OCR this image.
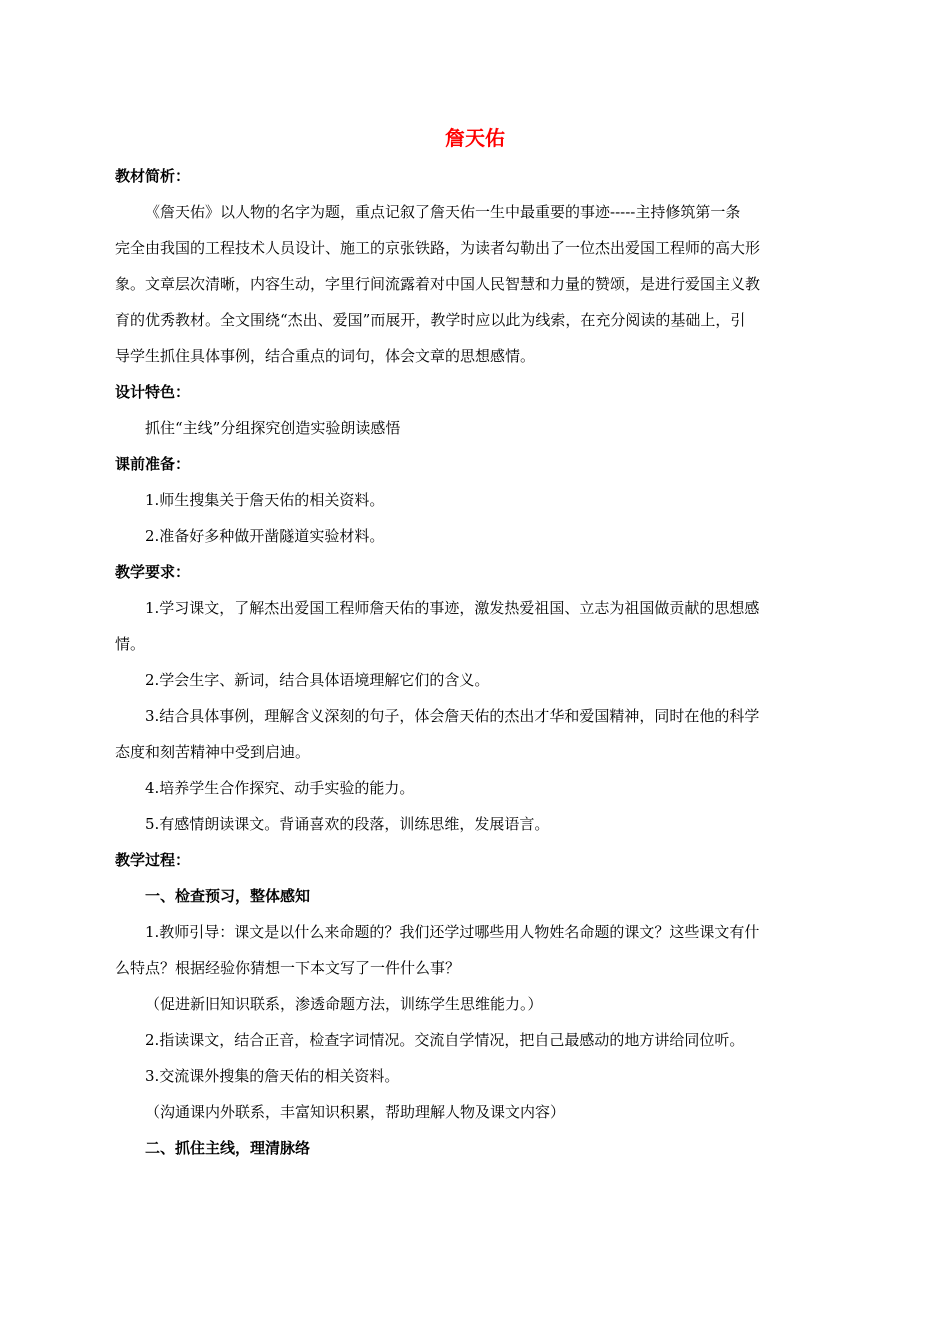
詹天佑
教材简析：
《詹天佑》以人物的名字为题，重点记叙了詹天佑一生中最重要的事迹-----主持修筑第一条
完全由我国的工程技术人员设计、施工的京张铁路，为读者勾勒出了一位杰出爱国工程师的高大形
象。文章层次清晰，内容生动，字里行间流露着对中国人民智慧和力量的赞颂，是进行爱国主义教
育的优秀教材。全文围绕“杰出、爱国”而展开，教学时应以此为线索，在充分阅读的基础上，引
导学生抓住具体事例，结合重点的词句，体会文章的思想感情。
设计特色：
抓住“主线”分组探究创造实验朗读感悟
课前准备：
1.师生搜集关于詹天佑的相关资料。
2.准备好多种做开凿隧道实验材料。
教学要求：
1.学习课文，了解杰出爱国工程师詹天佑的事迹，激发热爱祖国、立志为祖国做贡献的思想感
情。
2.学会生字、新词，结合具体语境理解它们的含义。
3.结合具体事例，理解含义深刻的句子，体会詹天佑的杰出才华和爱国精神，同时在他的科学
态度和刻苦精神中受到启迪。
4.培养学生合作探究、动手实验的能力。
5.有感情朗读课文。背诵喜欢的段落，训练思维，发展语言。
教学过程：
一、检查预习，整体感知
1.教师引导：课文是以什么来命题的？我们还学过哪些用人物姓名命题的课文？这些课文有什
么特点？根据经验你猜想一下本文写了一件什么事？
（促进新旧知识联系，渗透命题方法，训练学生思维能力。）
2.指读课文，结合正音，检查字词情况。交流自学情况，把自己最感动的地方讲给同位听。
3.交流课外搜集的詹天佑的相关资料。
（沟通课内外联系，丰富知识积累，帮助理解人物及课文内容）
二、抓住主线，理清脉络
